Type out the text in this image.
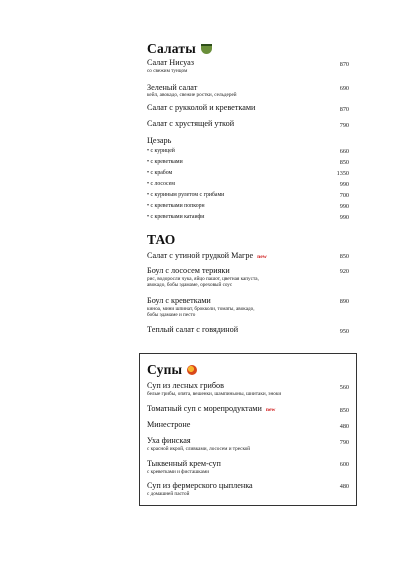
Салаты
Салат Нисуаз
со свежим тунцом
870
Зеленый салат
кейл, авокадо, свежие ростки, сельдерей
690
Салат с рукколой и креветками	870
Салат с хрустящей уткой	790
Цезарь
• с курицей	660
• с креветками	850
• с крабом	1350
• с лососем	990
• с куриным рулетом с грибами	700
• с креветками попкорн	990
• с креветками катаифи	990
ТАО
Салат с утиной грудкой Магре new	850
Боул с лососем терияки
рис, водоросли чука, яйцо пашот, цветная капуста,
авокадо, бобы эдамаме, ореховый соус
920
Боул с креветками
киноа, мини шпинат, брокколи, томаты, авокадо,
бобы эдамаме и песто
890
Теплый салат с говядиной	950
Супы
Суп из лесных грибов
белые грибы, опята, вешенки, шампиньоны, шиитаки, эноки
560
Томатный суп с морепродуктами new	850
Минестроне	480
Уха финская
с красной икрой, сливками, лососем и треской
790
Тыквенный крем-суп
с креветками и фисташками
600
Суп из фермерского цыпленка
с домашней пастой
480
